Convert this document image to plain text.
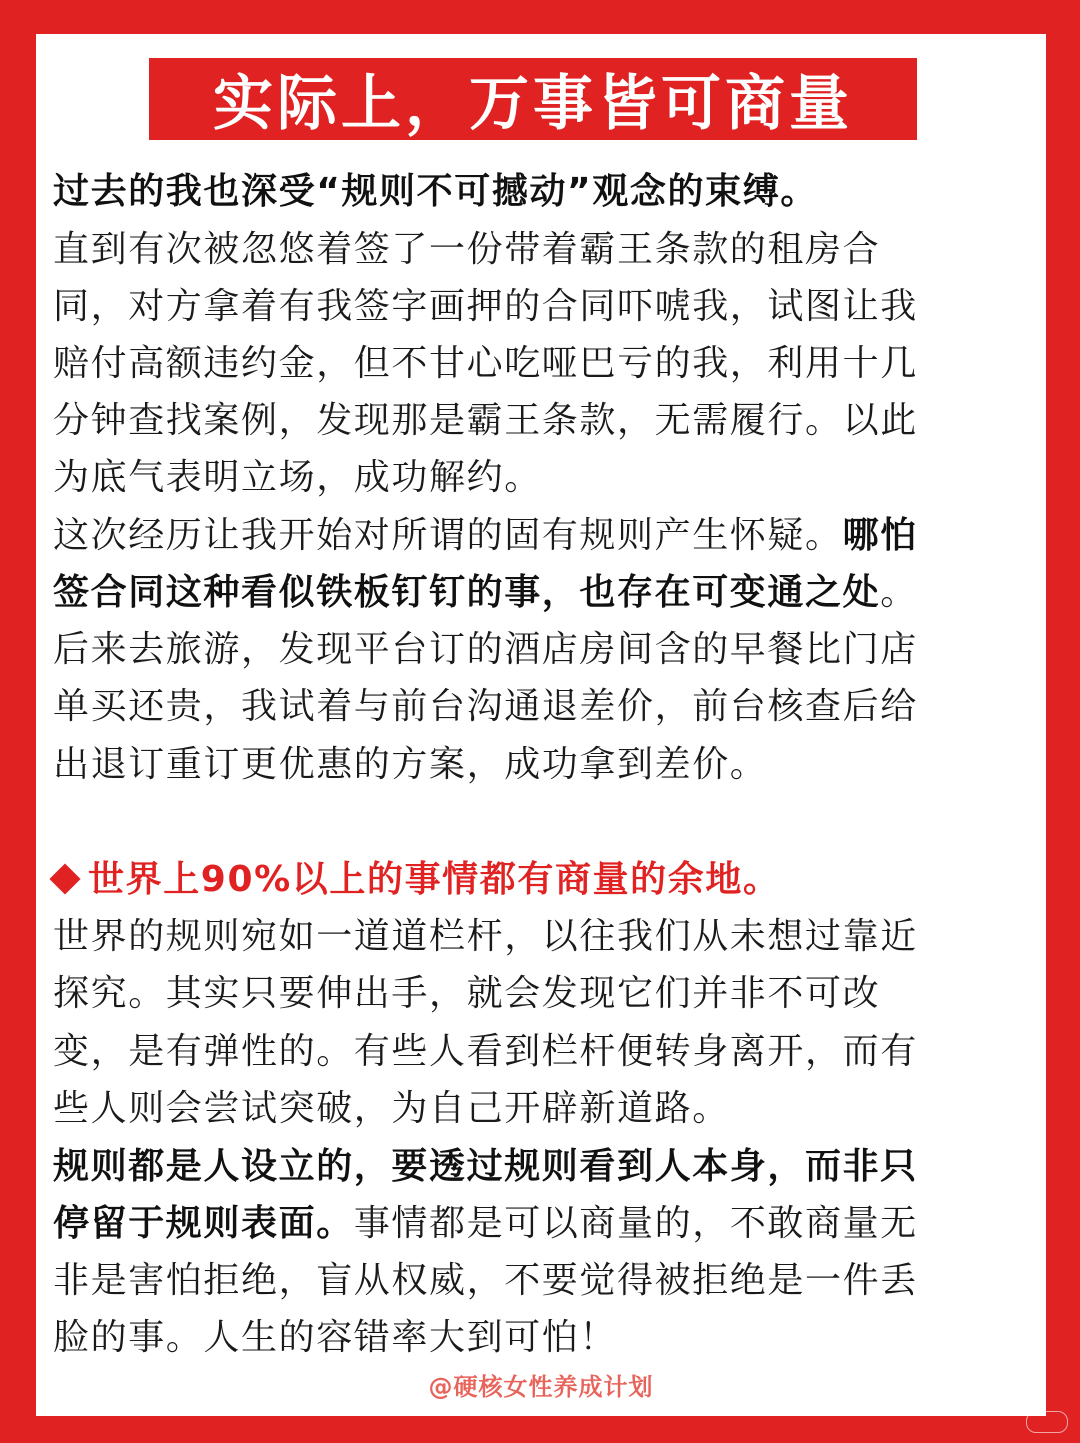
实际上，万事皆可商量
过去的我也深受“规则不可撼动”观念的束缚。
直到有次被忽悠着签了一份带着霸王条款的租房合
同，对方拿着有我签字画押的合同吓唬我，试图让我
赔付高额违约金，但不甘心吃哑巴亏的我，利用十几
分钟查找案例，发现那是霸王条款，无需履行。以此
为底气表明立场，成功解约。
这次经历让我开始对所谓的固有规则产生怀疑。哪怕
签合同这种看似铁板钉钉的事，也存在可变通之处。
后来去旅游，发现平台订的酒店房间含的早餐比门店
单买还贵，我试着与前台沟通退差价，前台核查后给
出退订重订更优惠的方案，成功拿到差价。
世界上90%以上的事情都有商量的余地。
世界的规则宛如一道道栏杆，以往我们从未想过靠近
探究。其实只要伸出手，就会发现它们并非不可改
变，是有弹性的。有些人看到栏杆便转身离开，而有
些人则会尝试突破，为自己开辟新道路。
规则都是人设立的，要透过规则看到人本身，而非只
停留于规则表面。事情都是可以商量的，不敢商量无
非是害怕拒绝，盲从权威，不要觉得被拒绝是一件丢
脸的事。人生的容错率大到可怕！
@硬核女性养成计划
